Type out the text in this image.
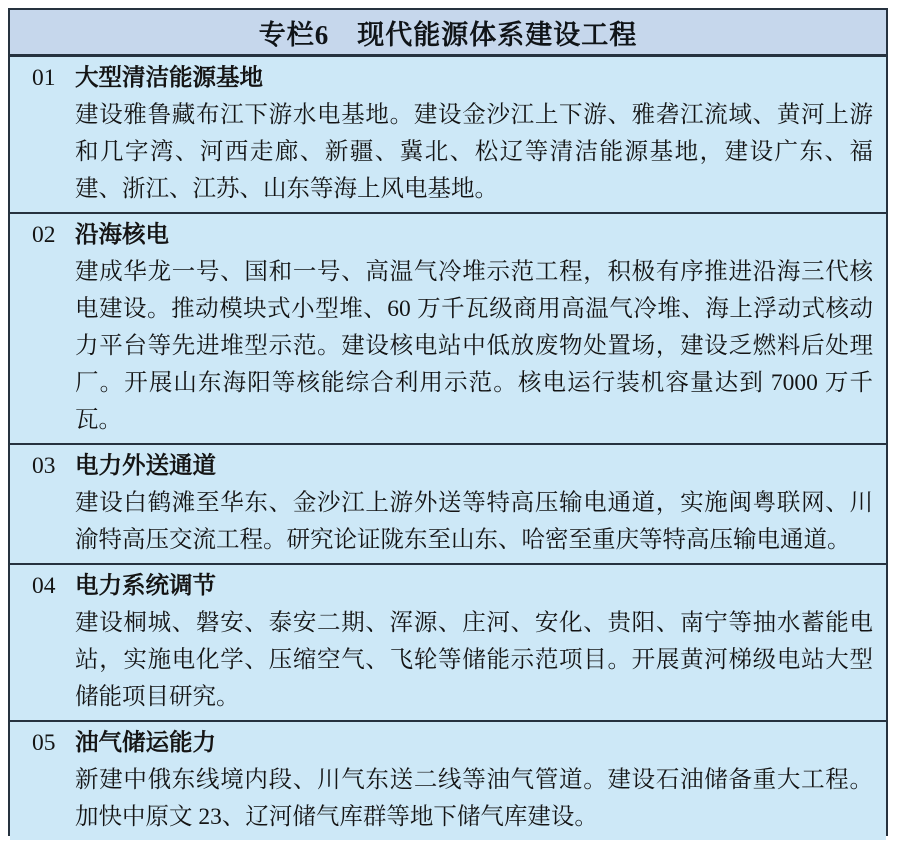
专栏6　现代能源体系建设工程
01 大型清洁能源基地

建设雅鲁藏布江下游水电基地。建设金沙江上下游、雅砻江流域、黄河上游和几字湾、河西走廊、新疆、冀北、松辽等清洁能源基地，建设广东、福建、浙江、江苏、山东等海上风电基地。

02 沿海核电

建成华龙一号、国和一号、高温气冷堆示范工程，积极有序推进沿海三代核电建设。推动模块式小型堆、60 万千瓦级商用高温气冷堆、海上浮动式核动力平台等先进堆型示范。建设核电站中低放废物处置场，建设乏燃料后处理厂。开展山东海阳等核能综合利用示范。核电运行装机容量达到 7000 万千瓦。

03 电力外送通道

建设白鹤滩至华东、金沙江上游外送等特高压输电通道，实施闽粤联网、川渝特高压交流工程。研究论证陇东至山东、哈密至重庆等特高压输电通道。

04 电力系统调节

建设桐城、磐安、泰安二期、浑源、庄河、安化、贵阳、南宁等抽水蓄能电站，实施电化学、压缩空气、飞轮等储能示范项目。开展黄河梯级电站大型储能项目研究。

05 油气储运能力

新建中俄东线境内段、川气东送二线等油气管道。建设石油储备重大工程。加快中原文 23、辽河储气库群等地下储气库建设。
